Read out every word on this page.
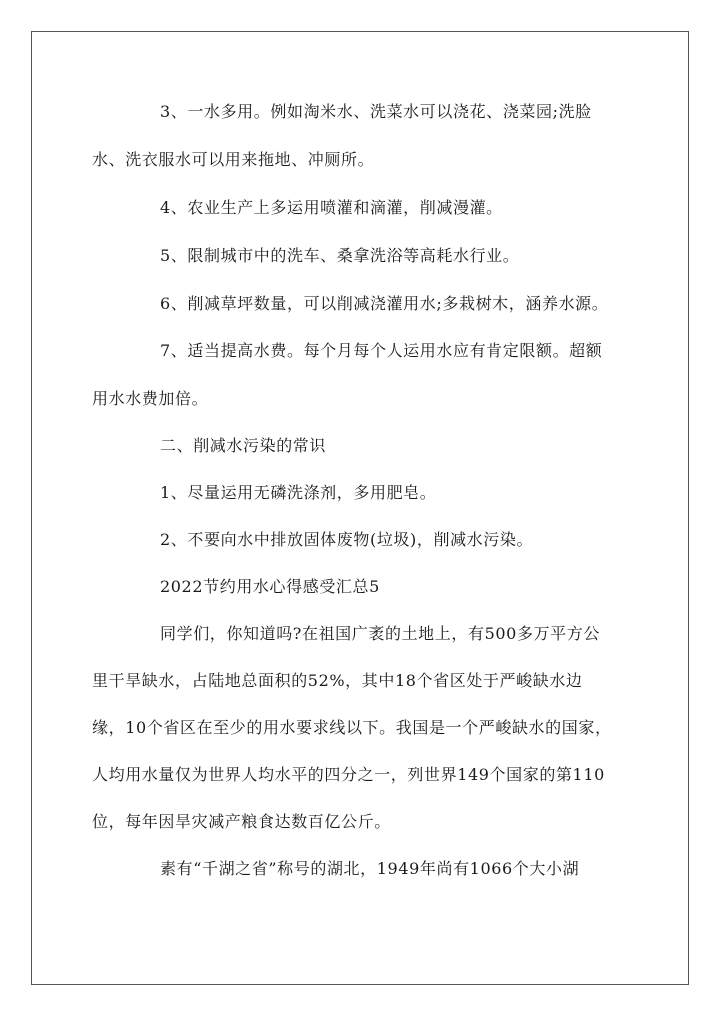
3、一水多用。例如淘米水、洗菜水可以浇花、浇菜园;洗脸
水、洗衣服水可以用来拖地、冲厕所。
4、农业生产上多运用喷灌和滴灌，削减漫灌。
5、限制城市中的洗车、桑拿洗浴等高耗水行业。
6、削减草坪数量，可以削减浇灌用水;多栽树木，涵养水源。
7、适当提高水费。每个月每个人运用水应有肯定限额。超额
用水水费加倍。
二、削减水污染的常识
1、尽量运用无磷洗涤剂，多用肥皂。
2、不要向水中排放固体废物(垃圾)，削减水污染。
2022节约用水心得感受汇总5
同学们，你知道吗?在祖国广袤的土地上，有500多万平方公
里干旱缺水，占陆地总面积的52%，其中18个省区处于严峻缺水边
缘，10个省区在至少的用水要求线以下。我国是一个严峻缺水的国家，
人均用水量仅为世界人均水平的四分之一，列世界149个国家的第110
位，每年因旱灾减产粮食达数百亿公斤。
素有“千湖之省”称号的湖北，1949年尚有1066个大小湖
